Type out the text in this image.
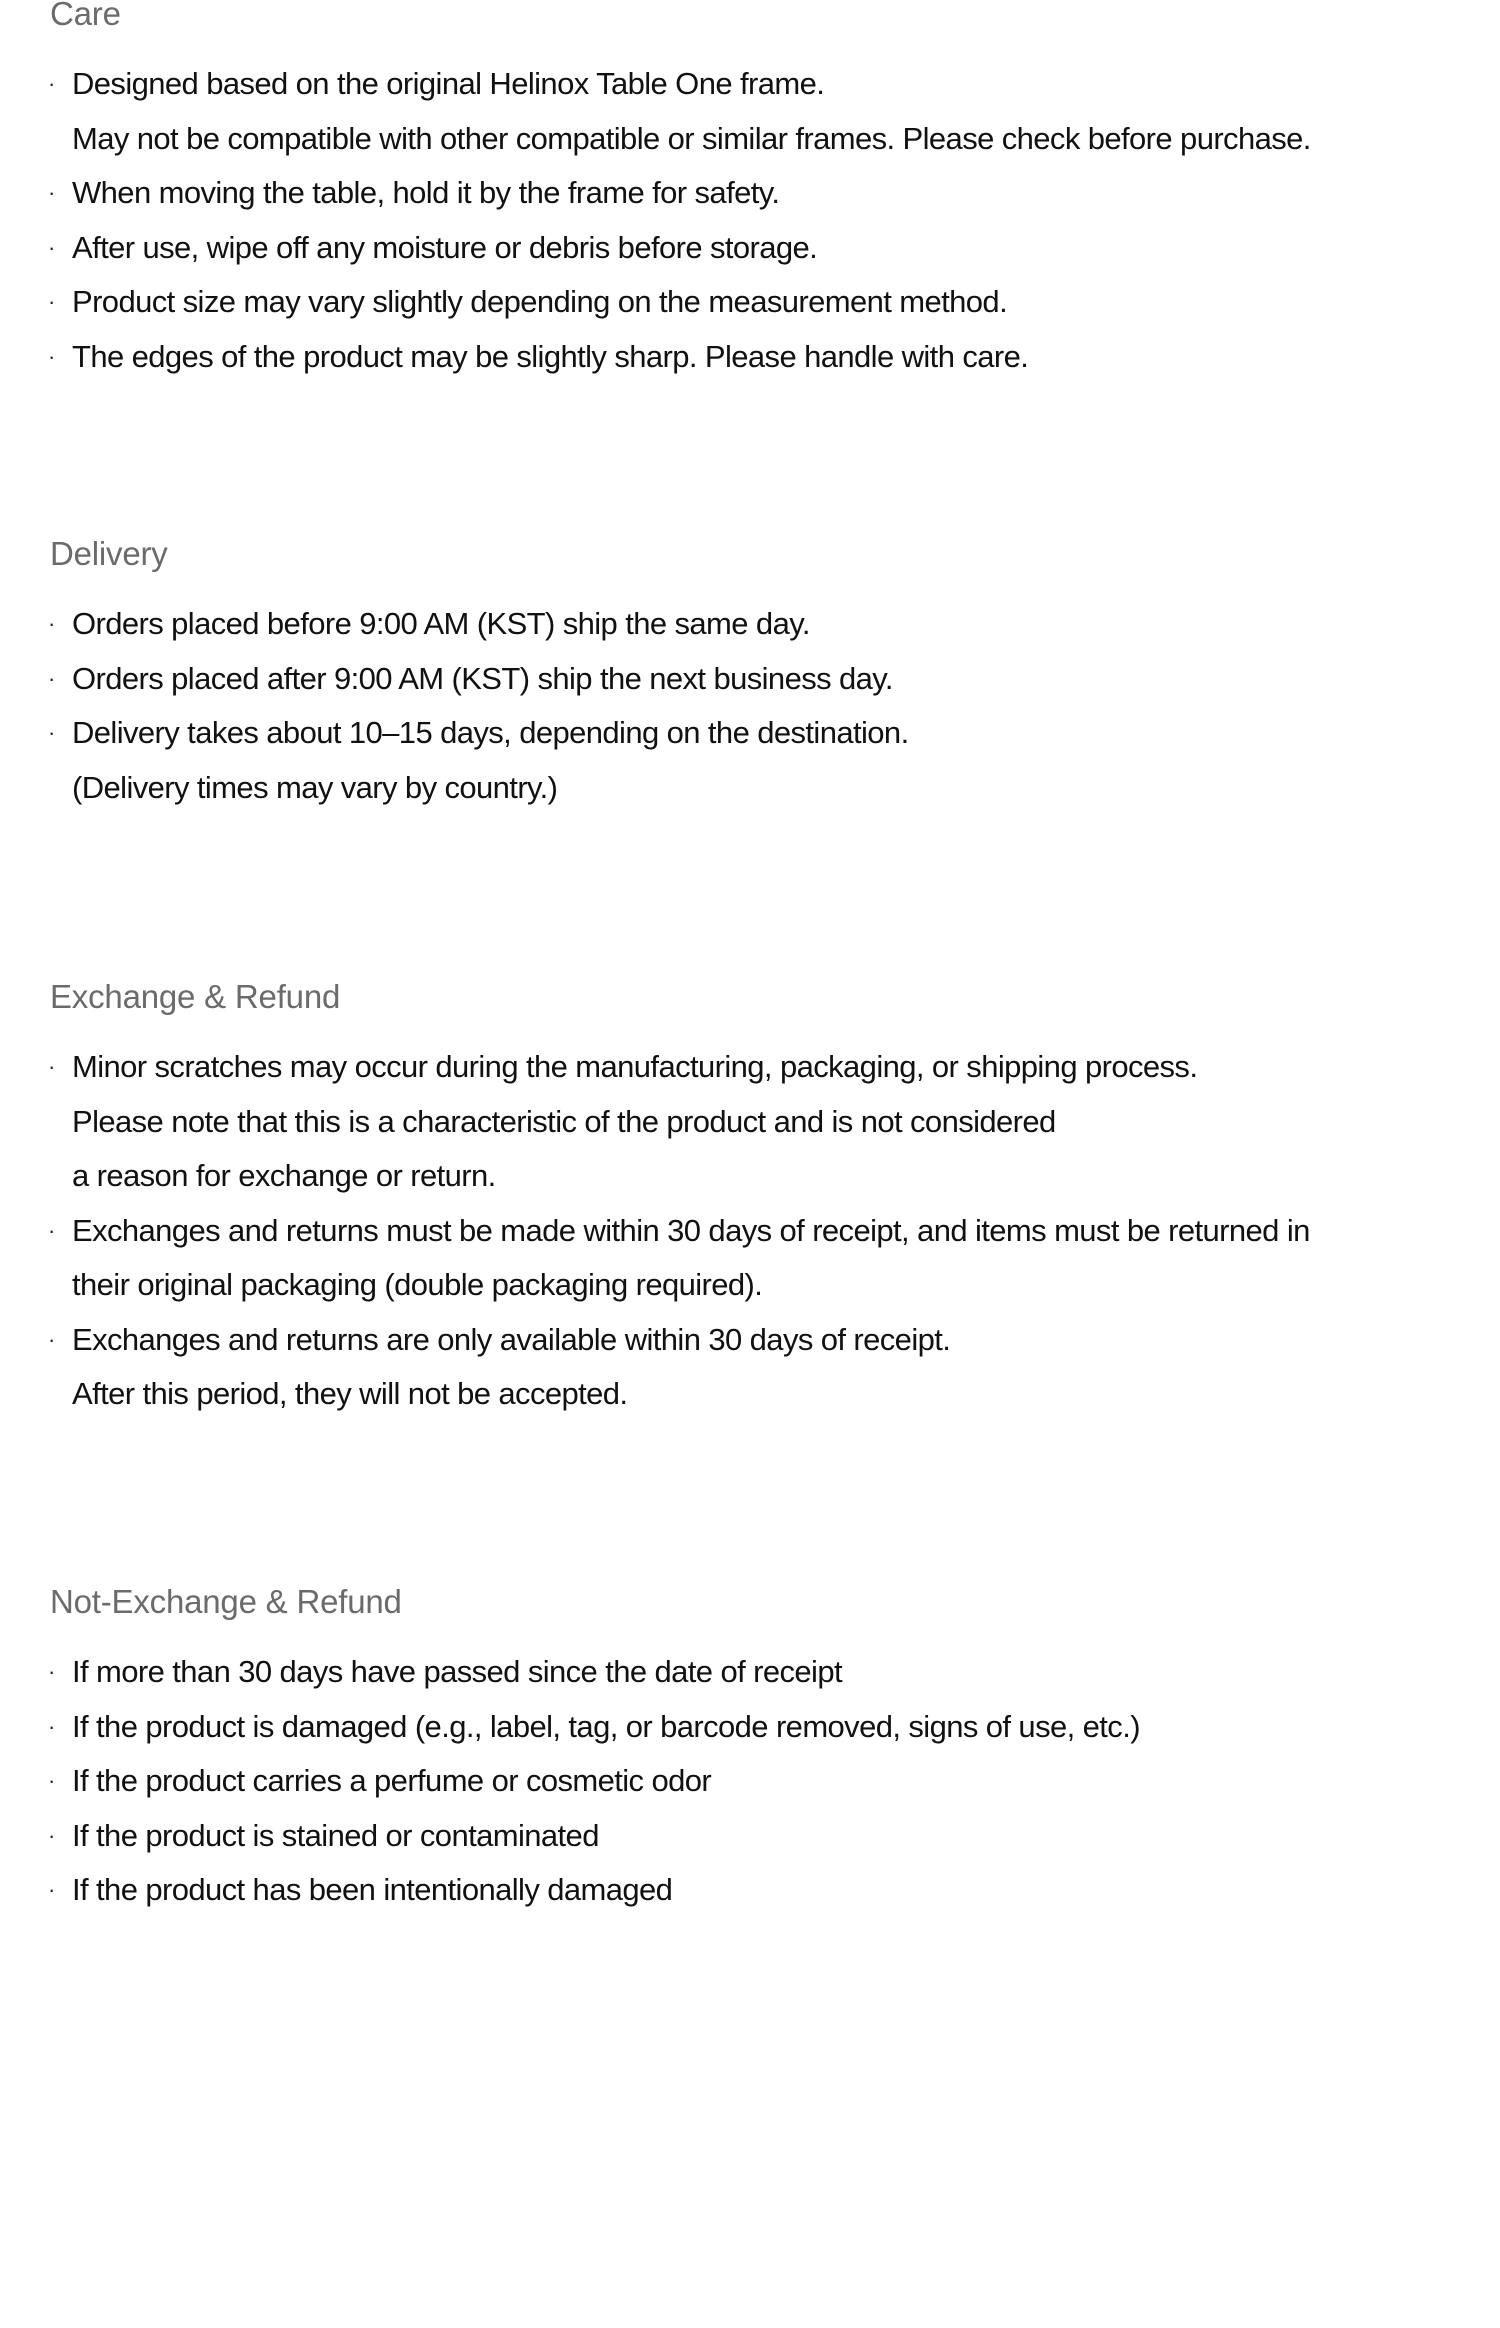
Care
· Designed based on the original Helinox Table One frame.
May not be compatible with other compatible or similar frames. Please check before purchase.
· When moving the table, hold it by the frame for safety.
· After use, wipe off any moisture or debris before storage.
· Product size may vary slightly depending on the measurement method.
· The edges of the product may be slightly sharp. Please handle with care.
Delivery
· Orders placed before 9:00 AM (KST) ship the same day.
· Orders placed after 9:00 AM (KST) ship the next business day.
· Delivery takes about 10–15 days, depending on the destination.
(Delivery times may vary by country.)
Exchange & Refund
· Minor scratches may occur during the manufacturing, packaging, or shipping process.
Please note that this is a characteristic of the product and is not considered
a reason for exchange or return.
· Exchanges and returns must be made within 30 days of receipt, and items must be returned in
their original packaging (double packaging required).
· Exchanges and returns are only available within 30 days of receipt.
After this period, they will not be accepted.
Not-Exchange & Refund
· If more than 30 days have passed since the date of receipt
· If the product is damaged (e.g., label, tag, or barcode removed, signs of use, etc.)
· If the product carries a perfume or cosmetic odor
· If the product is stained or contaminated
· If the product has been intentionally damaged
